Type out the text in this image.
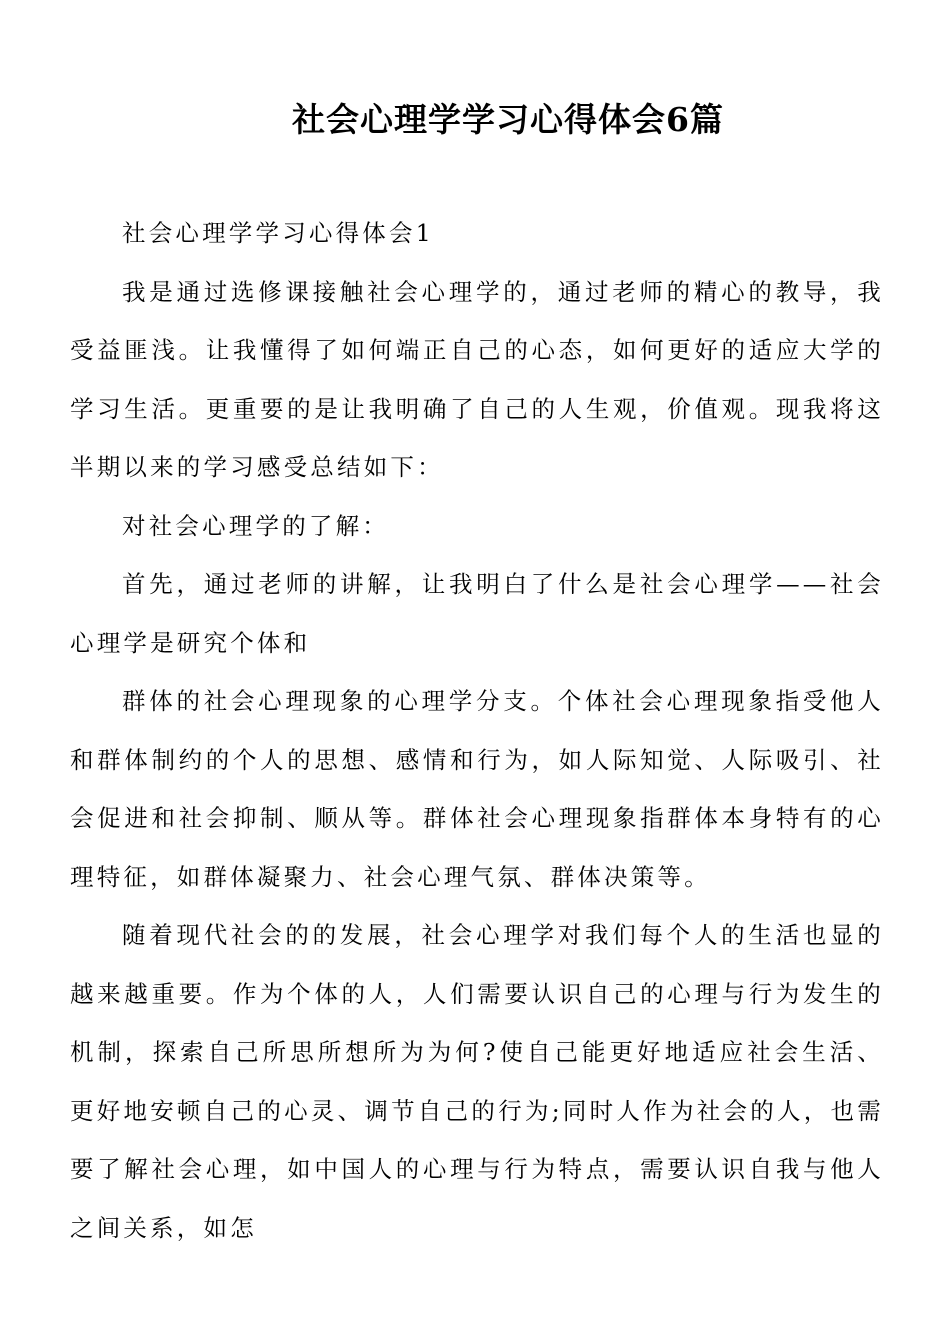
社会心理学学习心得体会6篇

社会心理学学习心得体会1

我是通过选修课接触社会心理学的，通过老师的精心的教导，我受益匪浅。让我懂得了如何端正自己的心态，如何更好的适应大学的学习生活。更重要的是让我明确了自己的人生观，价值观。现我将这半期以来的学习感受总结如下：

对社会心理学的了解：

首先，通过老师的讲解，让我明白了什么是社会心理学——社会心理学是研究个体和

群体的社会心理现象的心理学分支。个体社会心理现象指受他人和群体制约的个人的思想、感情和行为，如人际知觉、人际吸引、社会促进和社会抑制、顺从等。群体社会心理现象指群体本身特有的心理特征，如群体凝聚力、社会心理气氛、群体决策等。

随着现代社会的的发展，社会心理学对我们每个人的生活也显的越来越重要。作为个体的人，人们需要认识自己的心理与行为发生的机制，探索自己所思所想所为为何?使自己能更好地适应社会生活、更好地安顿自己的心灵、调节自己的行为;同时人作为社会的人，也需要了解社会心理，如中国人的心理与行为特点，需要认识自我与他人之间关系，如怎
